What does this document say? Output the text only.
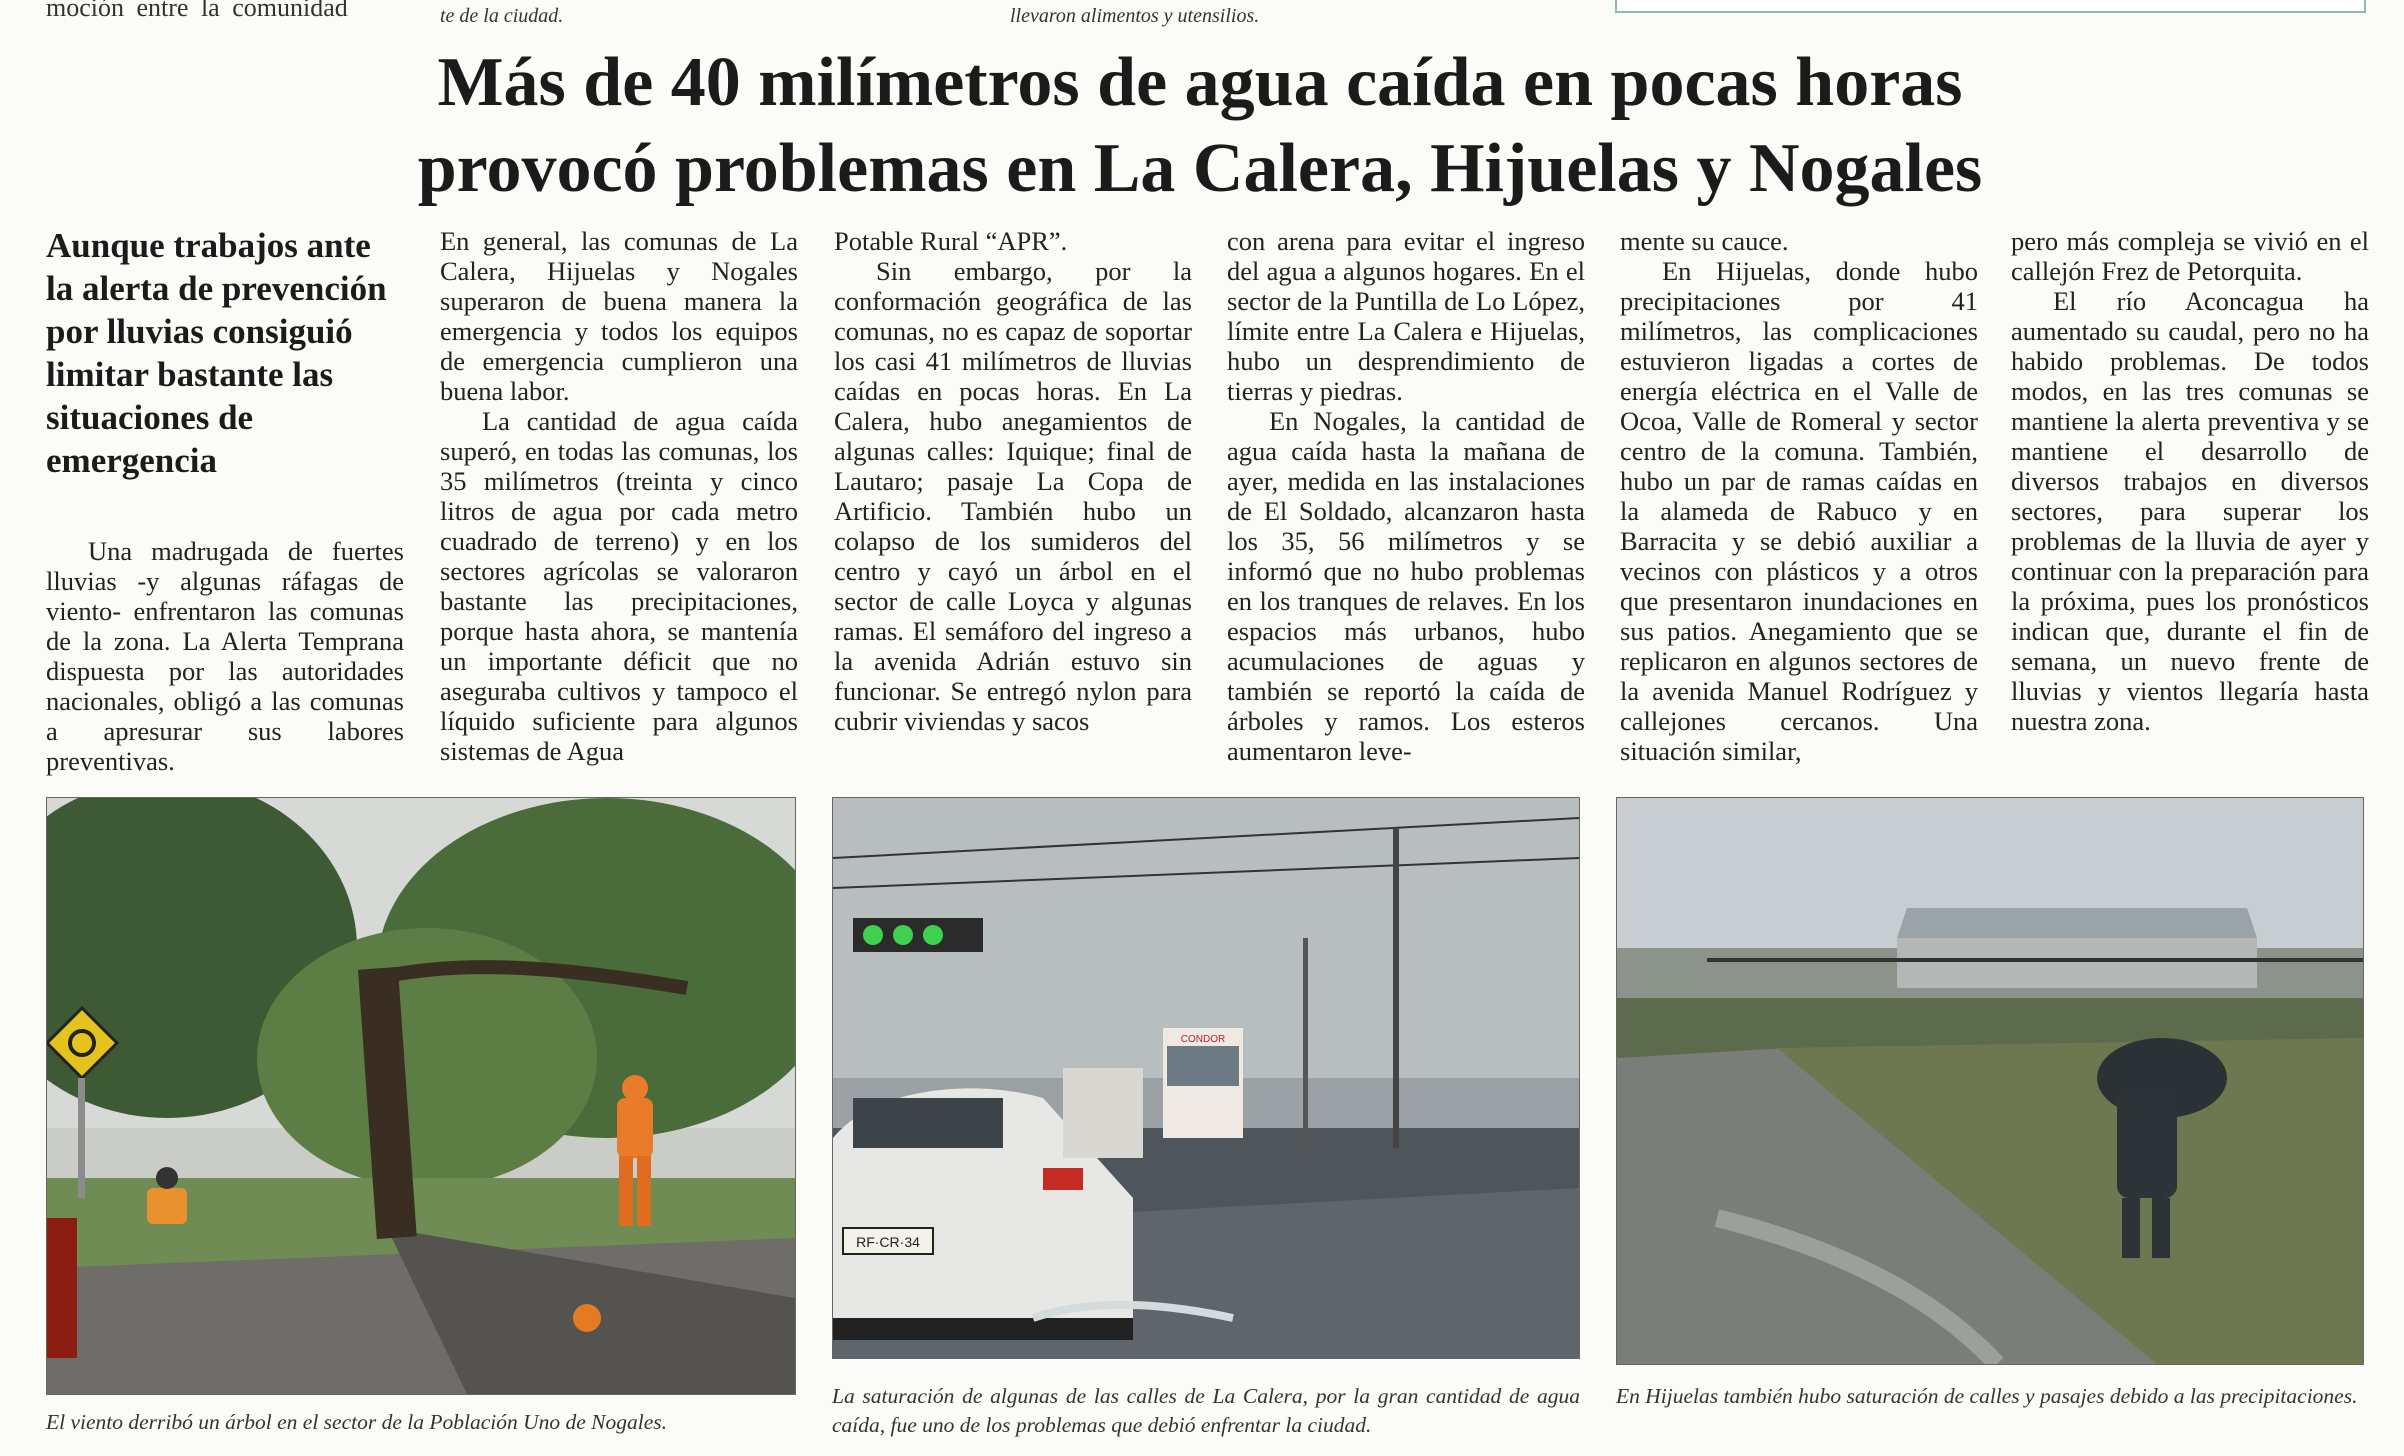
moción entre la comunidad	te de la ciudad.	llevaron alimentos y utensilios.
Más de 40 milímetros de agua caída en pocas horas
provocó problemas en La Calera, Hijuelas y Nogales
Aunque trabajos ante la alerta de prevención por lluvias consiguió limitar bastante las situaciones de emergencia

Una madrugada de fuertes lluvias -y algunas ráfagas de viento- enfrentaron las comunas de la zona. La Alerta Temprana dispuesta por las autoridades nacionales, obligó a las comunas a apresurar sus labores preventivas.

En general, las comunas de La Calera, Hijuelas y Nogales superaron de buena manera la emergencia y todos los equipos de emergencia cumplieron una buena labor.

La cantidad de agua caída superó, en todas las comunas, los 35 milímetros (treinta y cinco litros de agua por cada metro cuadrado de terreno) y en los sectores agrícolas se valoraron bastante las precipitaciones, porque hasta ahora, se mantenía un importante déficit que no aseguraba cultivos y tampoco el líquido suficiente para algunos sistemas de Agua

Potable Rural “APR”.

Sin embargo, por la conformación geográfica de las comunas, no es capaz de soportar los casi 41 milímetros de lluvias caídas en pocas horas. En La Calera, hubo anegamientos de algunas calles: Iquique; final de Lautaro; pasaje La Copa de Artificio. También hubo un colapso de los sumideros del centro y cayó un árbol en el sector de calle Loyca y algunas ramas. El semáforo del ingreso a la avenida Adrián estuvo sin funcionar. Se entregó nylon para cubrir viviendas y sacos

con arena para evitar el ingreso del agua a algunos hogares. En el sector de la Puntilla de Lo López, límite entre La Calera e Hijuelas, hubo un desprendimiento de tierras y piedras.

En Nogales, la cantidad de agua caída hasta la mañana de ayer, medida en las instalaciones de El Soldado, alcanzaron hasta los 35, 56 milímetros y se informó que no hubo problemas en los tranques de relaves. En los espacios más urbanos, hubo acumulaciones de aguas y también se reportó la caída de árboles y ramos. Los esteros aumentaron leve-

mente su cauce.

En Hijuelas, donde hubo precipitaciones por 41 milímetros, las complicaciones estuvieron ligadas a cortes de energía eléctrica en el Valle de Ocoa, Valle de Romeral y sector centro de la comuna. También, hubo un par de ramas caídas en la alameda de Rabuco y en Barracita y se debió auxiliar a vecinos con plásticos y a otros que presentaron inundaciones en sus patios. Anegamiento que se replicaron en algunos sectores de la avenida Manuel Rodríguez y callejones cercanos. Una situación similar,

pero más compleja se vivió en el callejón Frez de Petorquita.

El río Aconcagua ha aumentado su caudal, pero no ha habido problemas. De todos modos, en las tres comunas se mantiene la alerta preventiva y se mantiene el desarrollo de diversos trabajos en diversos sectores, para superar los problemas de la lluvia de ayer y continuar con la preparación para la próxima, pues los pronósticos indican que, durante el fin de semana, un nuevo frente de lluvias y vientos llegaría hasta nuestra zona.

El viento derribó un árbol en el sector de la Población Uno de Nogales.
CONDOR
RF·CR·34
La saturación de algunas de las calles de La Calera, por la gran cantidad de agua caída, fue uno de los problemas que debió enfrentar la ciudad.
En Hijuelas también hubo saturación de calles y pasajes debido a las precipitaciones.
